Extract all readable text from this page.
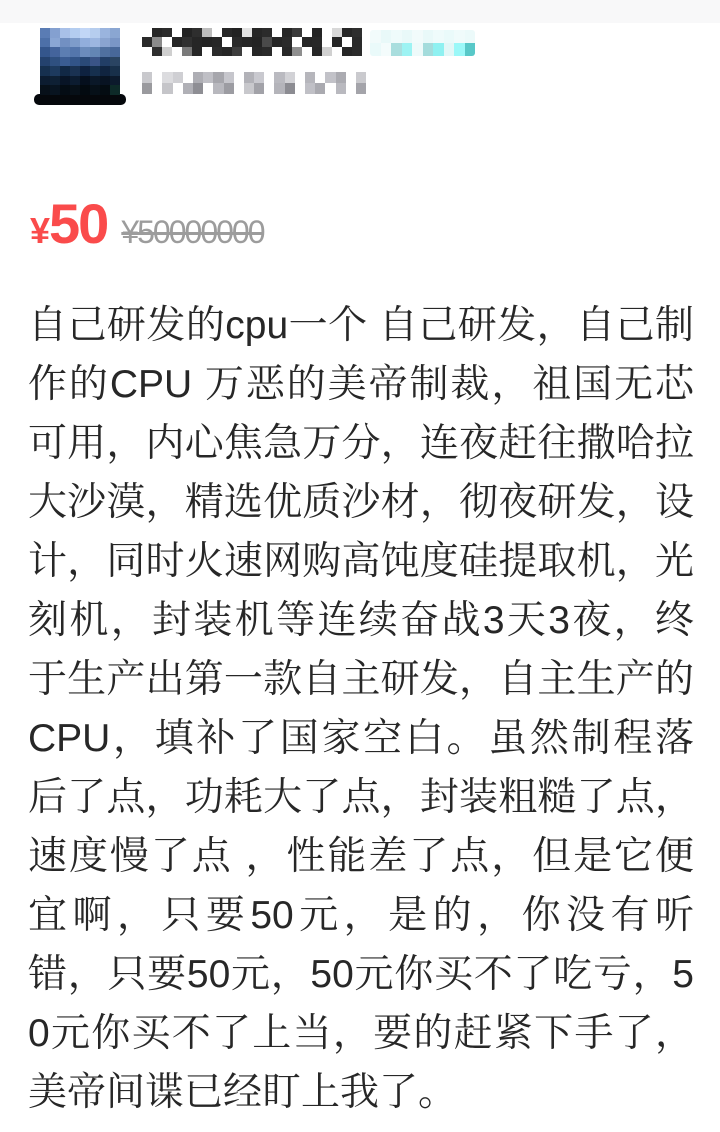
¥ 50 ¥50000000

自己研发的cpu一个 自己研发，自己制作的CPU 万恶的美帝制裁，祖国无芯可用，内心焦急万分，连夜赶往撒哈拉大沙漠，精选优质沙材，彻夜研发，设计，同时火速网购高饨度硅提取机，光刻机，封装机等连续奋战3天3夜，终于生产出第一款自主研发，自主生产的CPU，填补了国家空白。虽然制程落后了点，功耗大了点，封装粗糙了点，速度慢了点 ，性能差了点，但是它便宜啊，只要50元，是的，你没有听错，只要50元，50元你买不了吃亏，50元你买不了上当，要的赶紧下手了，美帝间谍已经盯上我了。
